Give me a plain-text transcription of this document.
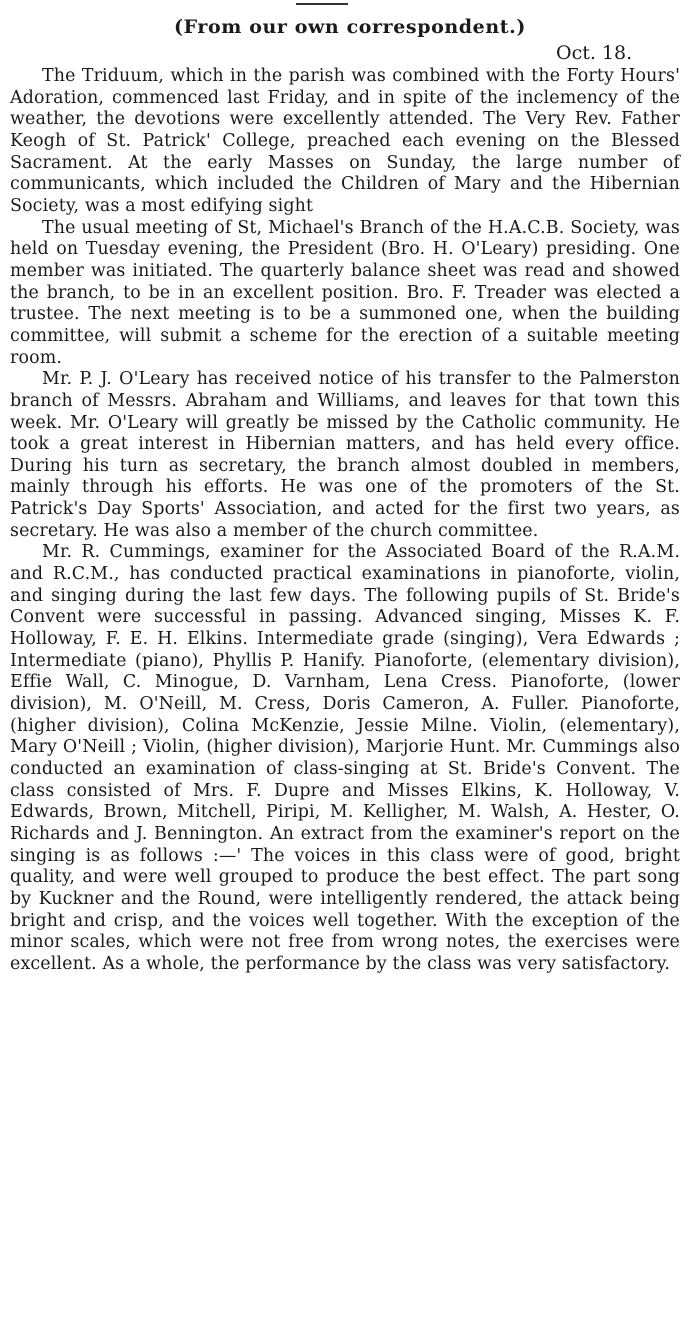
(From our own correspondent.)
Oct. 18.

The Triduum, which in the parish was combined with the Forty Hours' Adoration, commenced last Friday, and in spite of the inclemency of the weather, the devotions were excellently attended. The Very Rev. Father Keogh of St. Patrick' College, preached each evening on the Blessed Sacrament. At the early Masses on Sunday, the large number of communicants, which included the Children of Mary and the Hibernian Society, was a most edifying sight

The usual meeting of St, Michael's Branch of the H.A.C.B. Society, was held on Tuesday evening, the President (Bro. H. O'Leary) presiding. One member was initiated. The quarterly balance sheet was read and showed the branch, to be in an excellent position. Bro. F. Treader was elected a trustee. The next meeting is to be a summoned one, when the building committee, will submit a scheme for the erection of a suitable meeting room.

Mr. P. J. O'Leary has received notice of his transfer to the Palmerston branch of Messrs. Abraham and Williams, and leaves for that town this week. Mr. O'Leary will greatly be missed by the Catholic community. He took a great interest in Hibernian matters, and has held every office. During his turn as secretary, the branch almost doubled in members, mainly through his efforts. He was one of the promoters of the St. Patrick's Day Sports' Association, and acted for the first two years, as secretary. He was also a member of the church committee.

Mr. R. Cummings, examiner for the Associated Board of the R.A.M. and R.C.M., has conducted practical examinations in pianoforte, violin, and singing during the last few days. The following pupils of St. Bride's Convent were successful in passing. Advanced singing, Misses K. F. Holloway, F. E. H. Elkins. Intermediate grade (singing), Vera Edwards ; Intermediate (piano), Phyllis P. Hanify. Pianoforte, (elementary division), Effie Wall, C. Minogue, D. Varnham, Lena Cress. Pianoforte, (lower division), M. O'Neill, M. Cress, Doris Cameron, A. Fuller. Pianoforte, (higher division), Colina McKenzie, Jessie Milne. Violin, (elementary), Mary O'Neill ; Violin, (higher division), Marjorie Hunt. Mr. Cummings also conducted an examination of class-singing at St. Bride's Convent. The class consisted of Mrs. F. Dupre and Misses Elkins, K. Holloway, V. Edwards, Brown, Mitchell, Piripi, M. Kelligher, M. Walsh, A. Hester, O. Richards and J. Bennington. An extract from the examiner's report on the singing is as follows :—' The voices in this class were of good, bright quality, and were well grouped to produce the best effect. The part song by Kuckner and the Round, were intelligently rendered, the attack being bright and crisp, and the voices well together. With the exception of the minor scales, which were not free from wrong notes, the exercises were excellent. As a whole, the performance by the class was very satisfactory.
